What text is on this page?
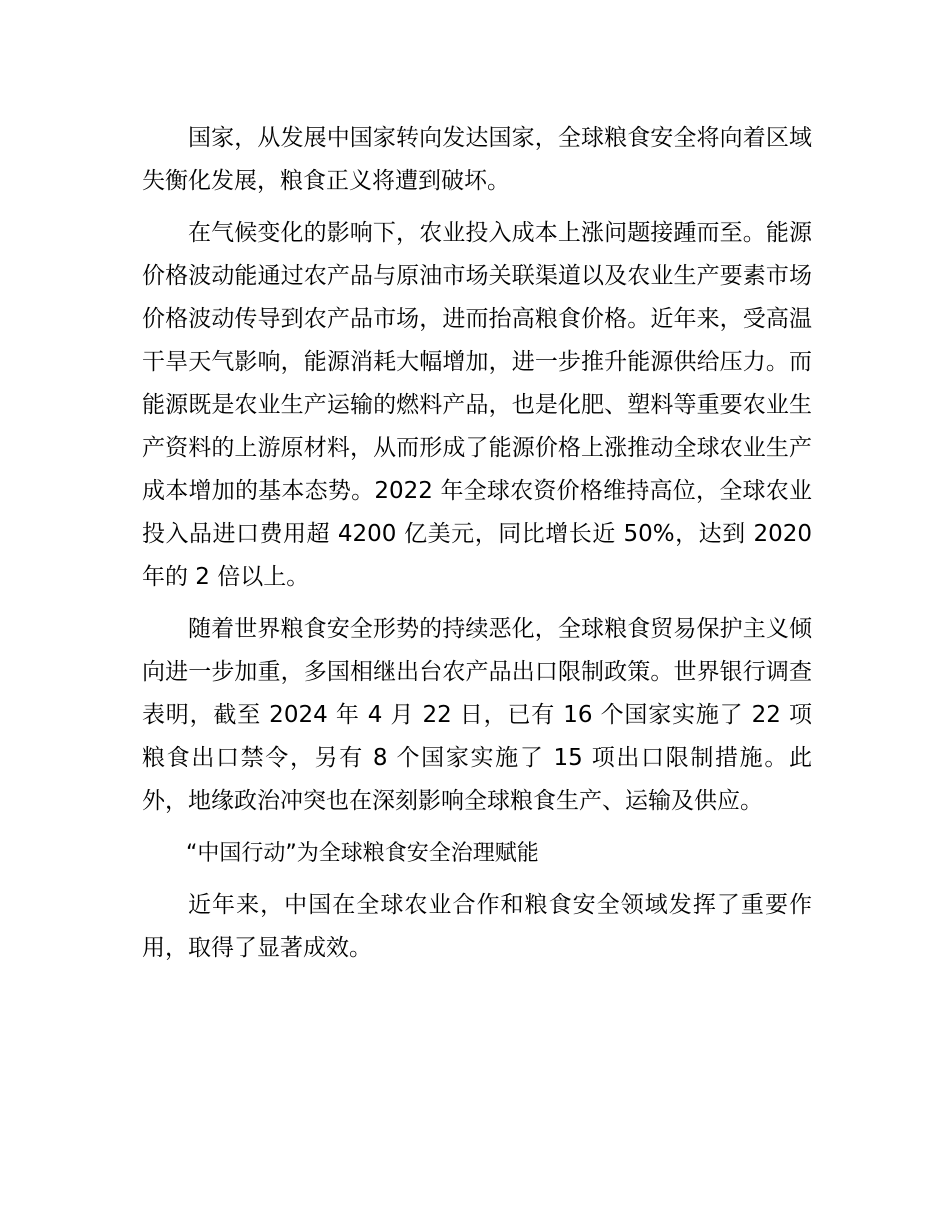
国家，从发展中国家转向发达国家，全球粮食安全将向着区域失衡化发展，粮食正义将遭到破坏。

在气候变化的影响下，农业投入成本上涨问题接踵而至。能源价格波动能通过农产品与原油市场关联渠道以及农业生产要素市场价格波动传导到农产品市场，进而抬高粮食价格。近年来，受高温干旱天气影响，能源消耗大幅增加，进一步推升能源供给压力。而能源既是农业生产运输的燃料产品，也是化肥、塑料等重要农业生产资料的上游原材料，从而形成了能源价格上涨推动全球农业生产成本增加的基本态势。2022 年全球农资价格维持高位，全球农业投入品进口费用超 4200 亿美元，同比增长近 50%，达到 2020 年的 2 倍以上。

随着世界粮食安全形势的持续恶化，全球粮食贸易保护主义倾向进一步加重，多国相继出台农产品出口限制政策。世界银行调查表明，截至 2024 年 4 月 22 日，已有 16 个国家实施了 22 项粮食出口禁令，另有 8 个国家实施了 15 项出口限制措施。此外，地缘政治冲突也在深刻影响全球粮食生产、运输及供应。

“中国行动”为全球粮食安全治理赋能

近年来，中国在全球农业合作和粮食安全领域发挥了重要作用，取得了显著成效。
